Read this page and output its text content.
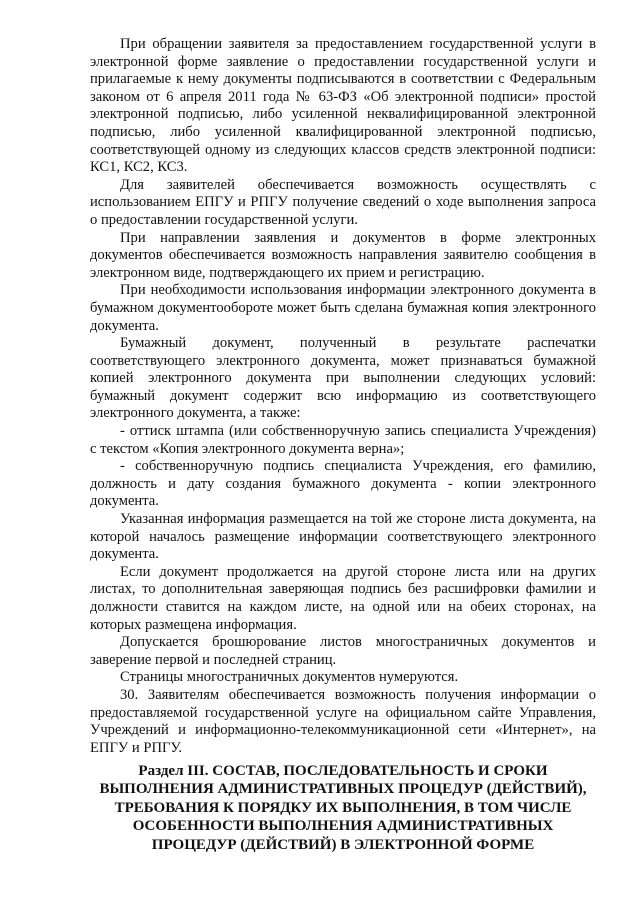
При обращении заявителя за предоставлением государственной услуги в электронной форме заявление о предоставлении государственной услуги и прилагаемые к нему документы подписываются в соответствии с Федеральным законом от 6 апреля 2011 года № 63-ФЗ «Об электронной подписи» простой электронной подписью, либо усиленной неквалифицированной электронной подписью, либо усиленной квалифицированной электронной подписью, соответствующей одному из следующих классов средств электронной подписи: КС1, КС2, КС3.

Для заявителей обеспечивается возможность осуществлять с использованием ЕПГУ и РПГУ получение сведений о ходе выполнения запроса о предоставлении государственной услуги.

При направлении заявления и документов в форме электронных документов обеспечивается возможность направления заявителю сообщения в электронном виде, подтверждающего их прием и регистрацию.

При необходимости использования информации электронного документа в бумажном документообороте может быть сделана бумажная копия электронного документа.

Бумажный документ, полученный в результате распечатки соответствующего электронного документа, может признаваться бумажной копией электронного документа при выполнении следующих условий: бумажный документ содержит всю информацию из соответствующего электронного документа, а также:

- оттиск штампа (или собственноручную запись специалиста Учреждения) с текстом «Копия электронного документа верна»;

- собственноручную подпись специалиста Учреждения, его фамилию, должность и дату создания бумажного документа - копии электронного документа.

Указанная информация размещается на той же стороне листа документа, на которой началось размещение информации соответствующего электронного документа.

Если документ продолжается на другой стороне листа или на других листах, то дополнительная заверяющая подпись без расшифровки фамилии и должности ставится на каждом листе, на одной или на обеих сторонах, на которых размещена информация.

Допускается брошюрование листов многостраничных документов и заверение первой и последней страниц.

Страницы многостраничных документов нумеруются.

30. Заявителям обеспечивается возможность получения информации о предоставляемой государственной услуге на официальном сайте Управления, Учреждений и информационно-телекоммуникационной сети «Интернет», на ЕПГУ и РПГУ.

Раздел III. СОСТАВ, ПОСЛЕДОВАТЕЛЬНОСТЬ И СРОКИ ВЫПОЛНЕНИЯ АДМИНИСТРАТИВНЫХ ПРОЦЕДУР (ДЕЙСТВИЙ), ТРЕБОВАНИЯ К ПОРЯДКУ ИХ ВЫПОЛНЕНИЯ, В ТОМ ЧИСЛЕ ОСОБЕННОСТИ ВЫПОЛНЕНИЯ АДМИНИСТРАТИВНЫХ ПРОЦЕДУР (ДЕЙСТВИЙ) В ЭЛЕКТРОННОЙ ФОРМЕ
